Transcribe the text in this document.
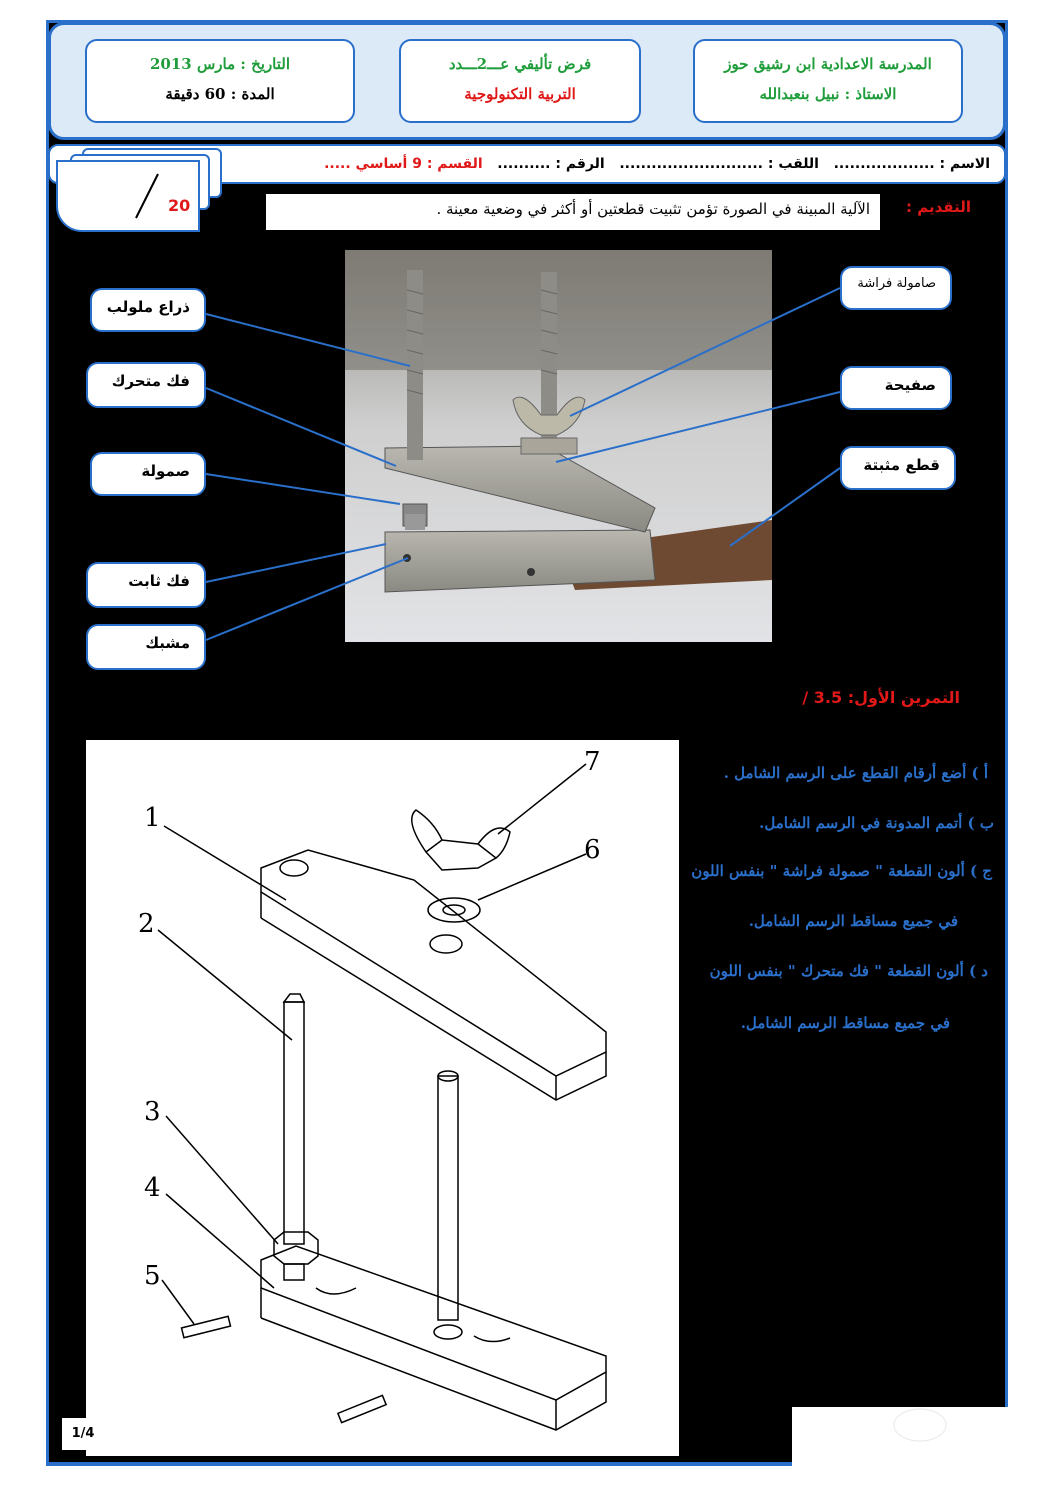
المدرسة الاعدادية ابن رشيق حوز
الاستاذ : نبيل بنعبدالله
فرض تأليفي عـــ2ـــدد
التربية التكنولوجية
التاريخ : مارس 2013
المدة : 60 دقيقة
الاسم : ...................   اللقب : ...........................   الرقم : ..........   القسم : 9 أساسي .....
20	التقديم :
الآلية المبينة في الصورة تؤمن تثبيت قطعتين أو أكثر في وضعية معينة .
ذراع ملولب
فك متحرك
صمولة
فك ثابت
مشبك
صامولة فراشة
صفيحة
قطع مثبتة
التمرين الأول: 3.5 /
1
2
3
4
5
6
7	أ ) أضع أرقام القطع على الرسم الشامل .
ب ) أتمم المدونة في الرسم الشامل.
ج ) ألون القطعة " صمولة فراشة " بنفس اللون
في جميع مساقط الرسم الشامل.
د ) ألون القطعة " فك متحرك " بنفس اللون
في جميع مساقط الرسم الشامل.
1/4
